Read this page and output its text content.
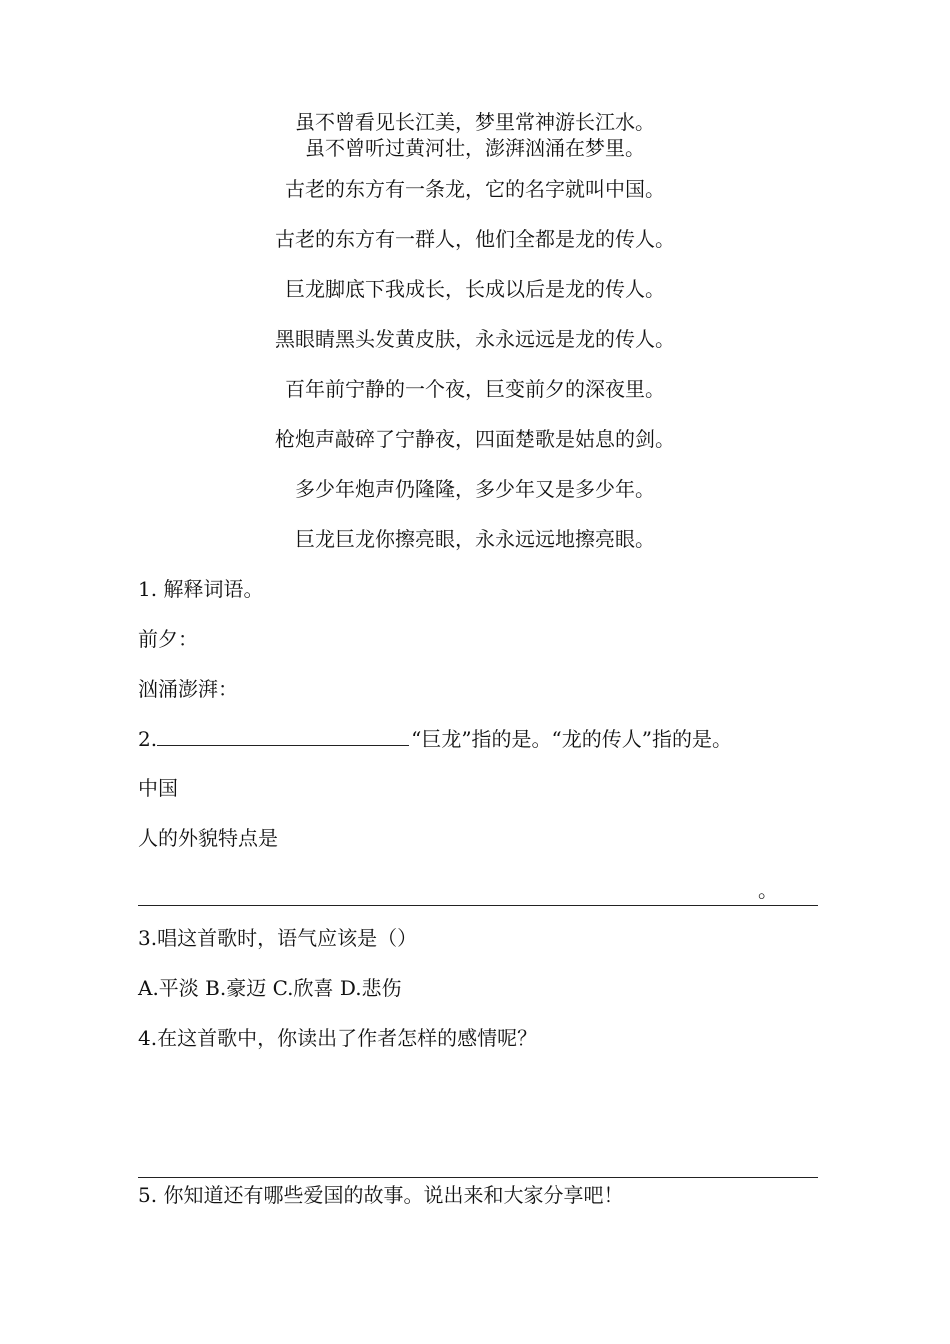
虽不曾看见长江美，梦里常神游长江水。
虽不曾听过黄河壮，澎湃汹涌在梦里。
古老的东方有一条龙，它的名字就叫中国。
古老的东方有一群人，他们全都是龙的传人。
巨龙脚底下我成长，长成以后是龙的传人。
黑眼睛黑头发黄皮肤，永永远远是龙的传人。
百年前宁静的一个夜，巨变前夕的深夜里。
枪炮声敲碎了宁静夜，四面楚歌是姑息的剑。
多少年炮声仍隆隆，多少年又是多少年。
巨龙巨龙你擦亮眼，永永远远地擦亮眼。
1. 解释词语。
前夕：
汹涌澎湃：
2.	“巨龙”指的是。“龙的传人”指的是。
中国
人的外貌特点是
。
3.唱这首歌时，语气应该是（）
A.平淡 B.豪迈 C.欣喜 D.悲伤
4.在这首歌中，你读出了作者怎样的感情呢？
5. 你知道还有哪些爱国的故事。说出来和大家分享吧！
